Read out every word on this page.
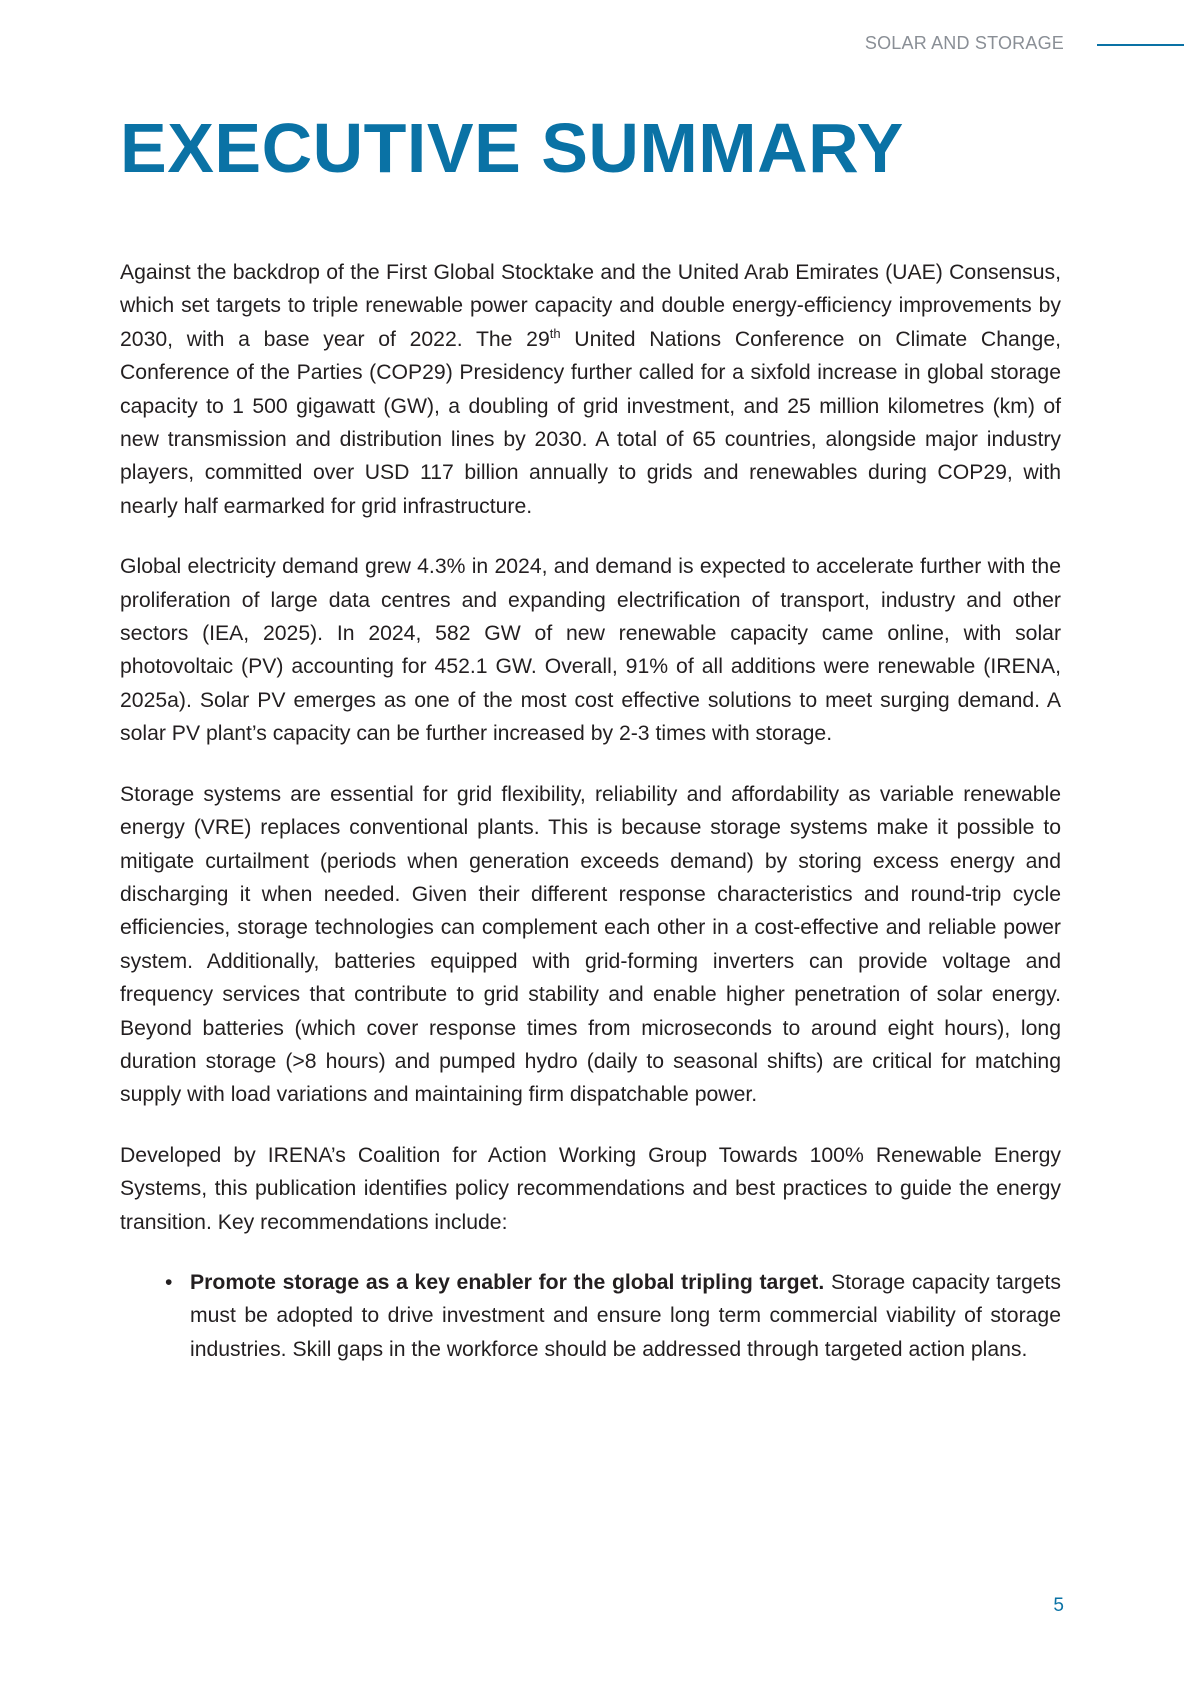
SOLAR AND STORAGE
EXECUTIVE SUMMARY

Against the backdrop of the First Global Stocktake and the United Arab Emirates (UAE) Consensus, which set targets to triple renewable power capacity and double energy-efficiency improvements by 2030, with a base year of 2022. The 29th United Nations Conference on Climate Change, Conference of the Parties (COP29) Presidency further called for a sixfold increase in global storage capacity to 1 500 gigawatt (GW), a doubling of grid investment, and 25 million kilometres (km) of new transmission and distribution lines by 2030. A total of 65 countries, alongside major industry players, committed over USD 117 billion annually to grids and renewables during COP29, with nearly half earmarked for grid infrastructure.

Global electricity demand grew 4.3% in 2024, and demand is expected to accelerate further with the proliferation of large data centres and expanding electrification of transport, industry and other sectors (IEA, 2025). In 2024, 582 GW of new renewable capacity came online, with solar photovoltaic (PV) accounting for 452.1 GW. Overall, 91% of all additions were renewable (IRENA, 2025a). Solar PV emerges as one of the most cost effective solutions to meet surging demand. A solar PV plant’s capacity can be further increased by 2-3 times with storage.

Storage systems are essential for grid flexibility, reliability and affordability as variable renewable energy (VRE) replaces conventional plants. This is because storage systems make it possible to mitigate curtailment (periods when generation exceeds demand) by storing excess energy and discharging it when needed. Given their different response characteristics and round-trip cycle efficiencies, storage technologies can complement each other in a cost-effective and reliable power system. Additionally, batteries equipped with grid-forming inverters can provide voltage and frequency services that contribute to grid stability and enable higher penetration of solar energy. Beyond batteries (which cover response times from microseconds to around eight hours), long duration storage (>8 hours) and pumped hydro (daily to seasonal shifts) are critical for matching supply with load variations and maintaining firm dispatchable power.

Developed by IRENA’s Coalition for Action Working Group Towards 100% Renewable Energy Systems, this publication identifies policy recommendations and best practices to guide the energy transition. Key recommendations include:

• Promote storage as a key enabler for the global tripling target. Storage capacity targets must be adopted to drive investment and ensure long term commercial viability of storage industries. Skill gaps in the workforce should be addressed through targeted action plans.
5
